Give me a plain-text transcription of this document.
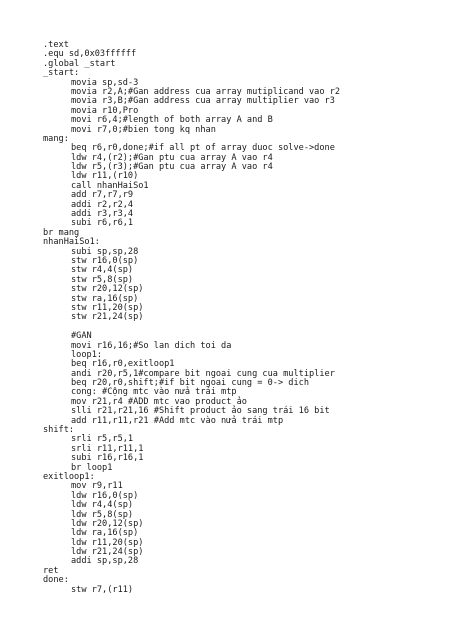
.text
.equ sd,0x03ffffff
.global _start
_start:
movia sp,sd-3
movia r2,A;#Gan address cua array mutiplicand vao r2
movia r3,B;#Gan address cua array multiplier vao r3
movia r10,Pro
movi r6,4;#length of both array A and B
movi r7,0;#bien tong kq nhan
mang:
beq r6,r0,done;#if all pt of array duoc solve->done
ldw r4,(r2);#Gan ptu cua array A vao r4
ldw r5,(r3);#Gan ptu cua array A vao r4
ldw r11,(r10)
call nhanHaiSo1
add r7,r7,r9
addi r2,r2,4
addi r3,r3,4
subi r6,r6,1
br mang
nhanHaiSo1:
subi sp,sp,28
stw r16,0(sp)
stw r4,4(sp)
stw r5,8(sp)
stw r20,12(sp)
stw ra,16(sp)
stw r11,20(sp)
stw r21,24(sp)
#GAN
movi r16,16;#So lan dich toi da
loop1:
beq r16,r0,exitloop1
andi r20,r5,1#compare bit ngoai cung cua multiplier
beq r20,r0,shift;#if bit ngoai cung = 0-> dich
cong: #Cộng mtc vào nửa trái mtp
mov r21,r4 #ADD mtc vao product ảo
slli r21,r21,16 #Shift product ảo sang trái 16 bit
add r11,r11,r21 #Add mtc vào nửa trái mtp
shift:
srli r5,r5,1
srli r11,r11,1
subi r16,r16,1
br loop1
exitloop1:
mov r9,r11
ldw r16,0(sp)
ldw r4,4(sp)
ldw r5,8(sp)
ldw r20,12(sp)
ldw ra,16(sp)
ldw r11,20(sp)
ldw r21,24(sp)
addi sp,sp,28
ret
done:
stw r7,(r11)
